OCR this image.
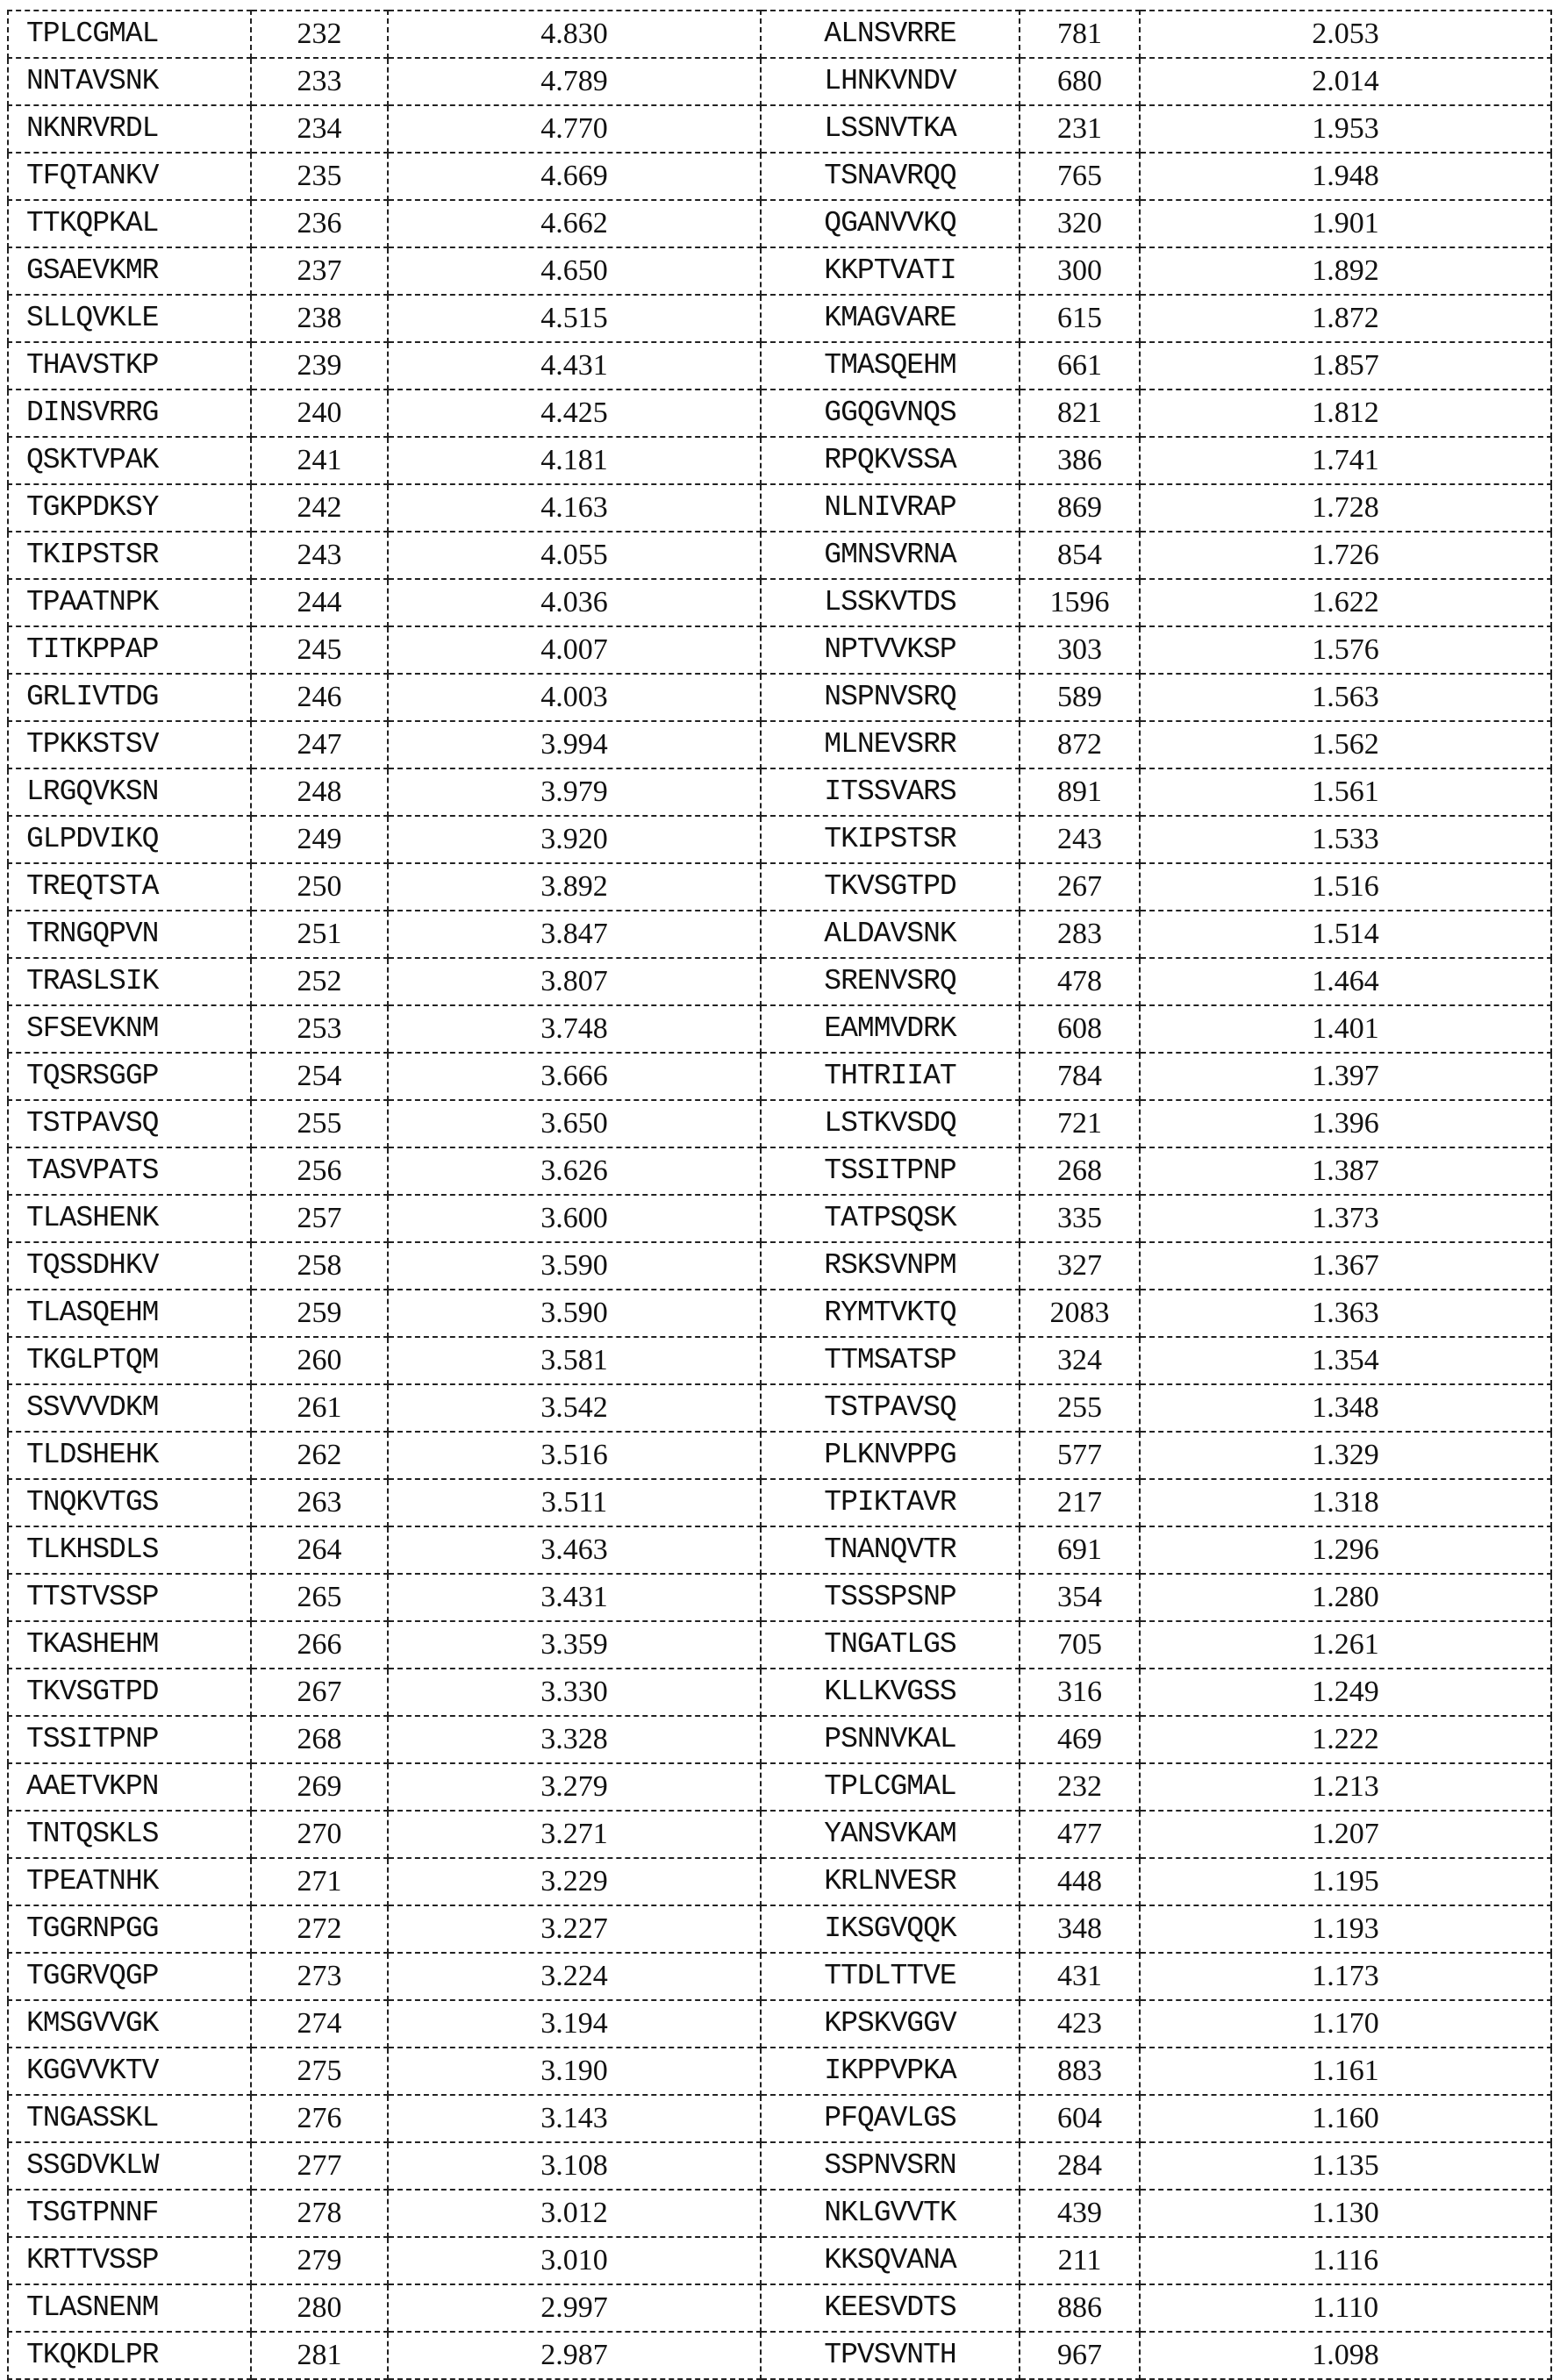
TPLCGMAL	232	4.830	ALNSVRRE	781	2.053
NNTAVSNK	233	4.789	LHNKVNDV	680	2.014
NKNRVRDL	234	4.770	LSSNVTKA	231	1.953
TFQTANKV	235	4.669	TSNAVRQQ	765	1.948
TTKQPKAL	236	4.662	QGANVVKQ	320	1.901
GSAEVKMR	237	4.650	KKPTVATI	300	1.892
SLLQVKLE	238	4.515	KMAGVARE	615	1.872
THAVSTKP	239	4.431	TMASQEHM	661	1.857
DINSVRRG	240	4.425	GGQGVNQS	821	1.812
QSKTVPAK	241	4.181	RPQKVSSA	386	1.741
TGKPDKSY	242	4.163	NLNIVRAP	869	1.728
TKIPSTSR	243	4.055	GMNSVRNA	854	1.726
TPAATNPK	244	4.036	LSSKVTDS	1596	1.622
TITKPPAP	245	4.007	NPTVVKSP	303	1.576
GRLIVTDG	246	4.003	NSPNVSRQ	589	1.563
TPKKSTSV	247	3.994	MLNEVSRR	872	1.562
LRGQVKSN	248	3.979	ITSSVARS	891	1.561
GLPDVIKQ	249	3.920	TKIPSTSR	243	1.533
TREQTSTA	250	3.892	TKVSGTPD	267	1.516
TRNGQPVN	251	3.847	ALDAVSNK	283	1.514
TRASLSIK	252	3.807	SRENVSRQ	478	1.464
SFSEVKNM	253	3.748	EAMMVDRK	608	1.401
TQSRSGGP	254	3.666	THTRIIAT	784	1.397
TSTPAVSQ	255	3.650	LSTKVSDQ	721	1.396
TASVPATS	256	3.626	TSSITPNP	268	1.387
TLASHENK	257	3.600	TATPSQSK	335	1.373
TQSSDHKV	258	3.590	RSKSVNPM	327	1.367
TLASQEHM	259	3.590	RYMTVKTQ	2083	1.363
TKGLPTQM	260	3.581	TTMSATSP	324	1.354
SSVVVDKM	261	3.542	TSTPAVSQ	255	1.348
TLDSHEHK	262	3.516	PLKNVPPG	577	1.329
TNQKVTGS	263	3.511	TPIKTAVR	217	1.318
TLKHSDLS	264	3.463	TNANQVTR	691	1.296
TTSTVSSP	265	3.431	TSSSPSNP	354	1.280
TKASHEHM	266	3.359	TNGATLGS	705	1.261
TKVSGTPD	267	3.330	KLLKVGSS	316	1.249
TSSITPNP	268	3.328	PSNNVKAL	469	1.222
AAETVKPN	269	3.279	TPLCGMAL	232	1.213
TNTQSKLS	270	3.271	YANSVKAM	477	1.207
TPEATNHK	271	3.229	KRLNVESR	448	1.195
TGGRNPGG	272	3.227	IKSGVQQK	348	1.193
TGGRVQGP	273	3.224	TTDLTTVE	431	1.173
KMSGVVGK	274	3.194	KPSKVGGV	423	1.170
KGGVVKTV	275	3.190	IKPPVPKA	883	1.161
TNGASSKL	276	3.143	PFQAVLGS	604	1.160
SSGDVKLW	277	3.108	SSPNVSRN	284	1.135
TSGTPNNF	278	3.012	NKLGVVTK	439	1.130
KRTTVSSP	279	3.010	KKSQVANA	211	1.116
TLASNENM	280	2.997	KEESVDTS	886	1.110
TKQKDLPR	281	2.987	TPVSVNTH	967	1.098
